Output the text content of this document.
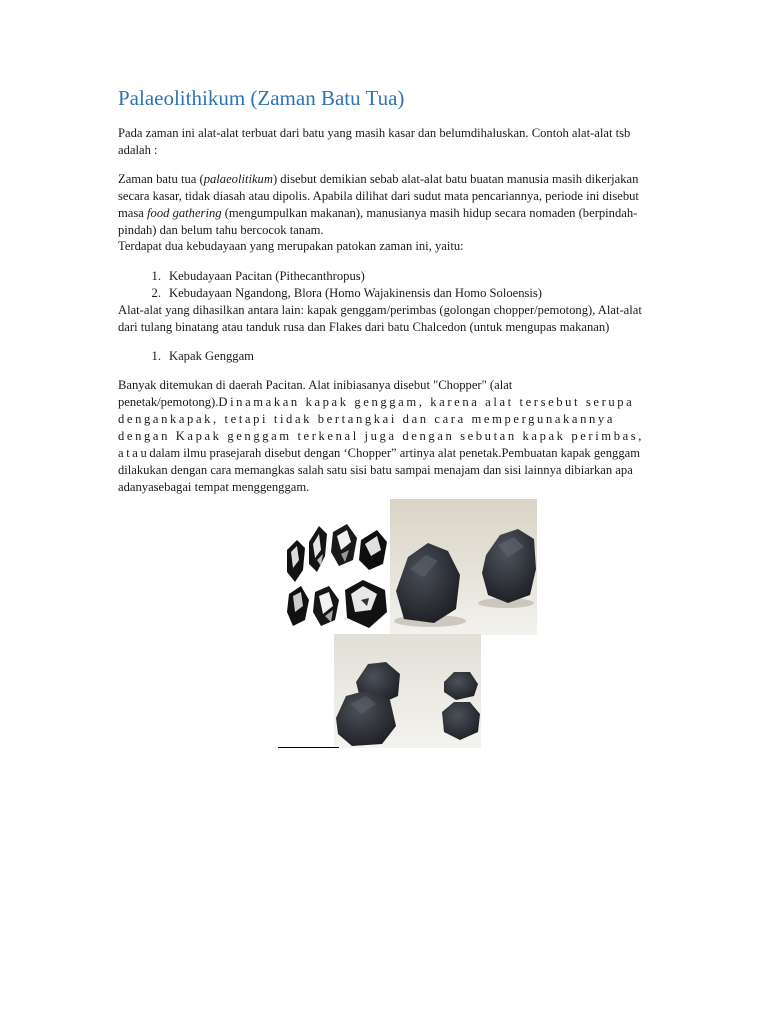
Palaeolithikum (Zaman Batu Tua)

Pada zaman ini alat-alat terbuat dari batu yang masih kasar dan belumdihaluskan. Contoh alat-alat tsb adalah :

Zaman batu tua (palaeolitikum) disebut demikian sebab alat-alat batu buatan manusia masih dikerjakan secara kasar, tidak diasah atau dipolis. Apabila dilihat dari sudut mata pencariannya, periode ini disebut masa food gathering (mengumpulkan makanan), manusianya masih hidup secara nomaden (berpindah-pindah) dan belum tahu bercocok tanam.

Terdapat dua kebudayaan yang merupakan patokan zaman ini, yaitu:

1. Kebudayaan Pacitan (Pithecanthropus)
2. Kebudayaan Ngandong, Blora (Homo Wajakinensis dan Homo Soloensis)

Alat-alat yang dihasilkan antara lain: kapak genggam/perimbas (golongan chopper/pemotong), Alat-alat dari tulang binatang atau tanduk rusa dan Flakes dari batu Chalcedon (untuk mengupas makanan)

1. Kapak Genggam

Banyak ditemukan di daerah Pacitan. Alat inibiasanya disebut "Chopper" (alat penetak/pemotong).Dinamakan kapak genggam, karena alat tersebut serupa dengankapak, tetapi tidak bertangkai dan cara mempergunakannya dengan Kapak genggam terkenal juga dengan sebutan kapak perimbas, ataudalam ilmu prasejarah disebut dengan ‘Chopper” artinya alat penetak.Pembuatan kapak genggam dilakukan dengan cara memangkas salah satu sisi batu sampai menajam dan sisi lainnya dibiarkan apa adanyasebagai tempat menggenggam.
